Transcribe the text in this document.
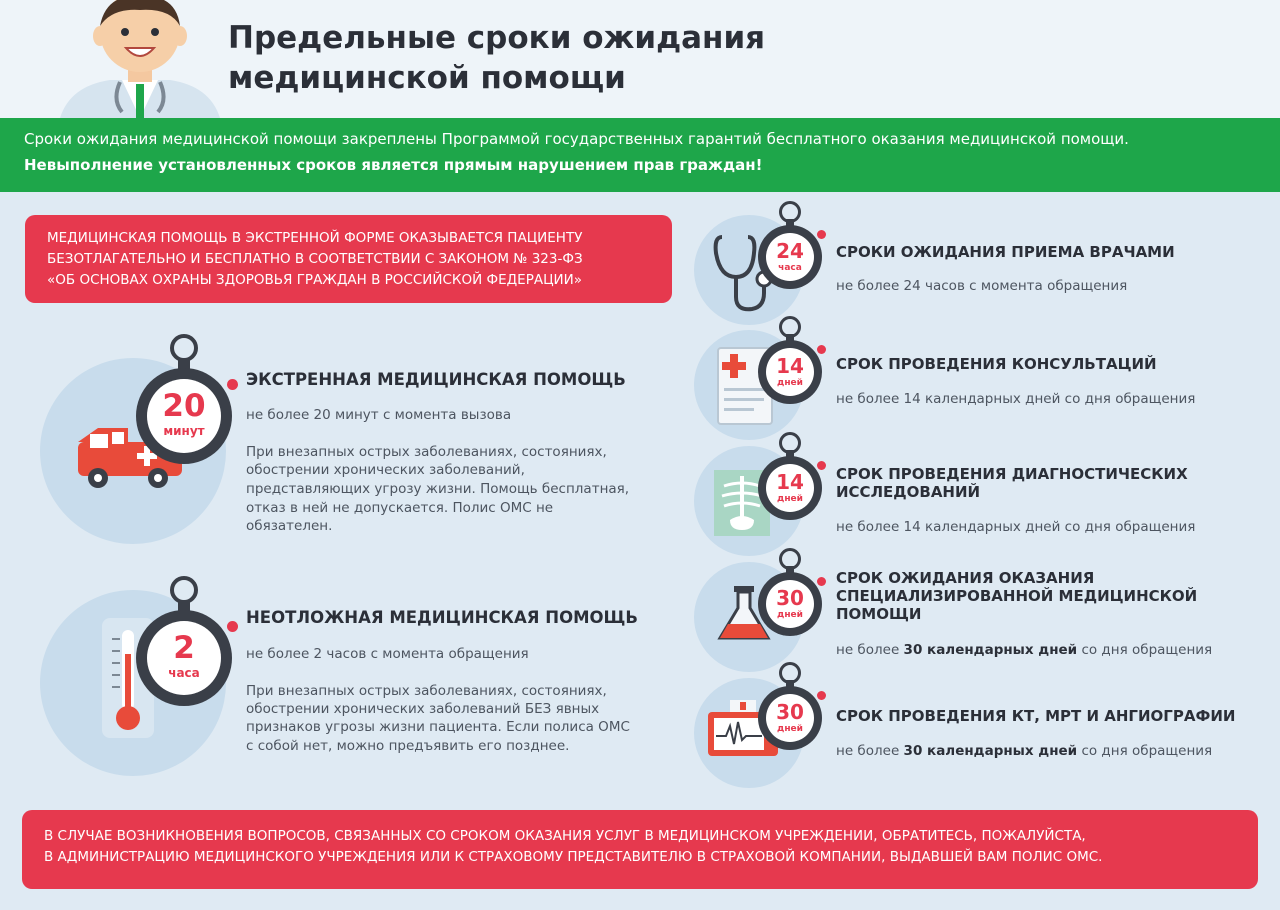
Предельные сроки ожидания
медицинской помощи
Сроки ожидания медицинской помощи закреплены Программой государственных гарантий бесплатного оказания медицинской помощи.
Невыполнение установленных сроков является прямым нарушением прав граждан!
МЕДИЦИНСКАЯ ПОМОЩЬ В ЭКСТРЕННОЙ ФОРМЕ ОКАЗЫВАЕТСЯ ПАЦИЕНТУ
БЕЗОТЛАГАТЕЛЬНО И БЕСПЛАТНО В СООТВЕТСТВИИ С ЗАКОНОМ № 323-ФЗ
«ОБ ОСНОВАХ ОХРАНЫ ЗДОРОВЬЯ ГРАЖДАН В РОССИЙСКОЙ ФЕДЕРАЦИИ»
20
минут
ЭКСТРЕННАЯ МЕДИЦИНСКАЯ ПОМОЩЬ
не более 20 минут с момента вызова
При внезапных острых заболеваниях, состояниях,
обострении хронических заболеваний,
представляющих угрозу жизни. Помощь бесплатная,
отказ в ней не допускается. Полис ОМС не
обязателен.
2
часа
НЕОТЛОЖНАЯ МЕДИЦИНСКАЯ ПОМОЩЬ
не более 2 часов с момента обращения
При внезапных острых заболеваниях, состояниях,
обострении хронических заболеваний БЕЗ явных
признаков угрозы жизни пациента. Если полиса ОМС
с собой нет, можно предъявить его позднее.
24
часа
СРОКИ ОЖИДАНИЯ ПРИЕМА ВРАЧАМИ
не более 24 часов с момента обращения
14
дней
СРОК ПРОВЕДЕНИЯ КОНСУЛЬТАЦИЙ
не более 14 календарных дней со дня обращения
14
дней
СРОК ПРОВЕДЕНИЯ ДИАГНОСТИЧЕСКИХ
ИССЛЕДОВАНИЙ
не более 14 календарных дней со дня обращения
30
дней
СРОК ОЖИДАНИЯ ОКАЗАНИЯ
СПЕЦИАЛИЗИРОВАННОЙ МЕДИЦИНСКОЙ
ПОМОЩИ
не более 30 календарных дней со дня обращения
30
дней
СРОК ПРОВЕДЕНИЯ КТ, МРТ И АНГИОГРАФИИ
не более 30 календарных дней со дня обращения
В СЛУЧАЕ ВОЗНИКНОВЕНИЯ ВОПРОСОВ, СВЯЗАННЫХ СО СРОКОМ ОКАЗАНИЯ УСЛУГ В МЕДИЦИНСКОМ УЧРЕЖДЕНИИ, ОБРАТИТЕСЬ, ПОЖАЛУЙСТА,
В АДМИНИСТРАЦИЮ МЕДИЦИНСКОГО УЧРЕЖДЕНИЯ ИЛИ К СТРАХОВОМУ ПРЕДСТАВИТЕЛЮ В СТРАХОВОЙ КОМПАНИИ, ВЫДАВШЕЙ ВАМ ПОЛИС ОМС.
